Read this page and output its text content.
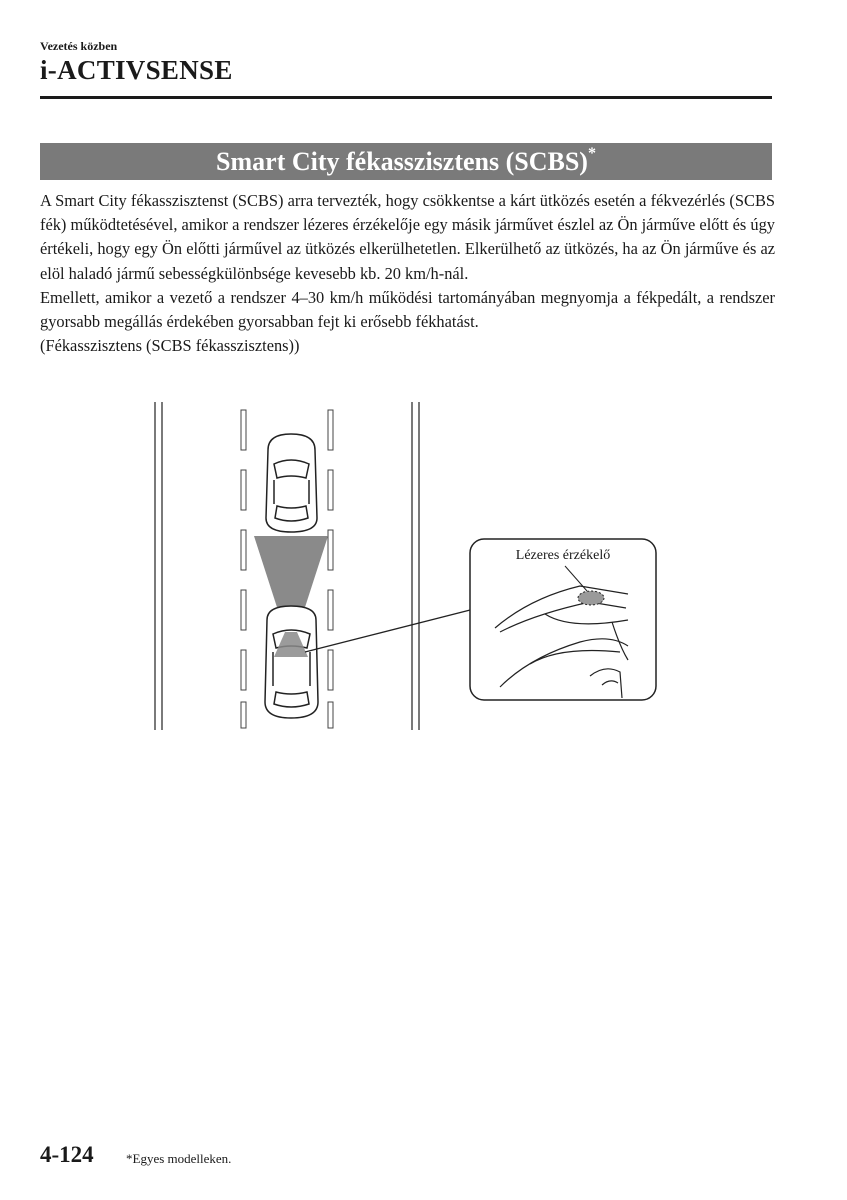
Vezetés közben
i-ACTIVSENSE
Smart City fékasszisztens (SCBS)*

A Smart City fékasszisztenst (SCBS) arra tervezték, hogy csökkentse a kárt ütközés esetén a fékvezérlés (SCBS fék) működtetésével, amikor a rendszer lézeres érzékelője egy másik járművet észlel az Ön járműve előtt és úgy értékeli, hogy egy Ön előtti járművel az ütközés elkerülhetetlen. Elkerülhető az ütközés, ha az Ön járműve és az elöl haladó jármű sebességkülönbsége kevesebb kb. 20 km/h-nál.

Emellett, amikor a vezető a rendszer 4–30 km/h működési tartományában megnyomja a fékpedált, a rendszer gyorsabb megállás érdekében gyorsabban fejt ki erősebb fékhatást.

(Fékasszisztens (SCBS fékasszisztens))

Lézeres érzékelő
4-124 *Egyes modelleken.
